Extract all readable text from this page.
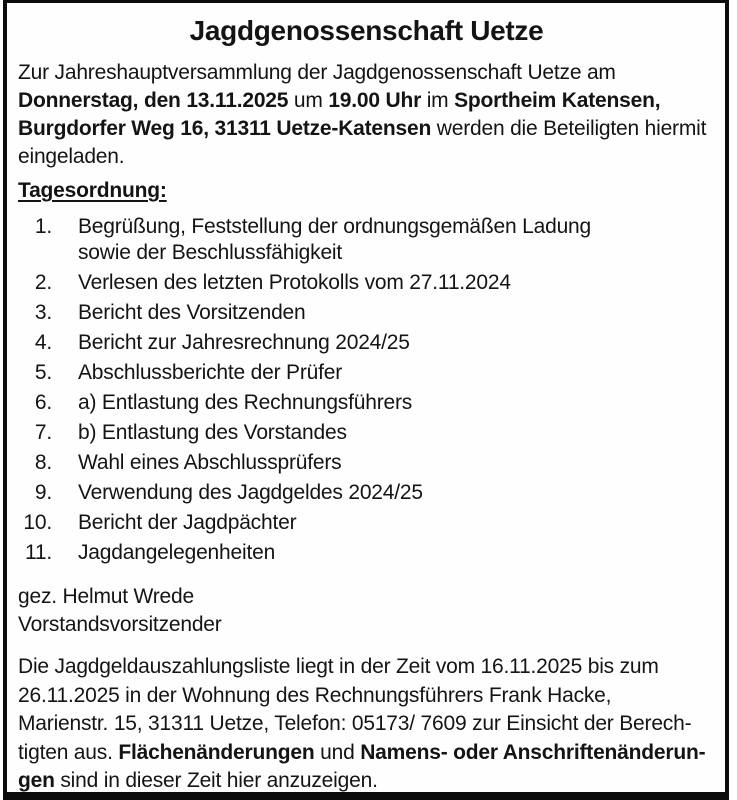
Jagdgenossenschaft Uetze
Zur Jahreshauptversammlung der Jagdgenossenschaft Uetze am
Donnerstag, den 13.11.2025 um 19.00 Uhr im Sportheim Katensen,
Burgdorfer Weg 16, 31311 Uetze-Katensen werden die Beteiligten hiermit
eingeladen.
Tagesordnung:
1. Begrüßung, Feststellung der ordnungsgemäßen Ladung sowie der Beschlussfähigkeit
2. Verlesen des letzten Protokolls vom 27.11.2024
3. Bericht des Vorsitzenden
4. Bericht zur Jahresrechnung 2024/25
5. Abschlussberichte der Prüfer
6. a) Entlastung des Rechnungsführers
7. b) Entlastung des Vorstandes
8. Wahl eines Abschlussprüfers
9. Verwendung des Jagdgeldes 2024/25
10. Bericht der Jagdpächter
11. Jagdangelegenheiten
gez. Helmut Wrede
Vorstandsvorsitzender
Die Jagdgeldauszahlungsliste liegt in der Zeit vom 16.11.2025 bis zum
26.11.2025 in der Wohnung des Rechnungsführers Frank Hacke,
Marienstr. 15, 31311 Uetze, Telefon: 05173/ 7609 zur Einsicht der Berech-
tigten aus. Flächenänderungen und Namens- oder Anschriftenänderun-
gen sind in dieser Zeit hier anzuzeigen.
